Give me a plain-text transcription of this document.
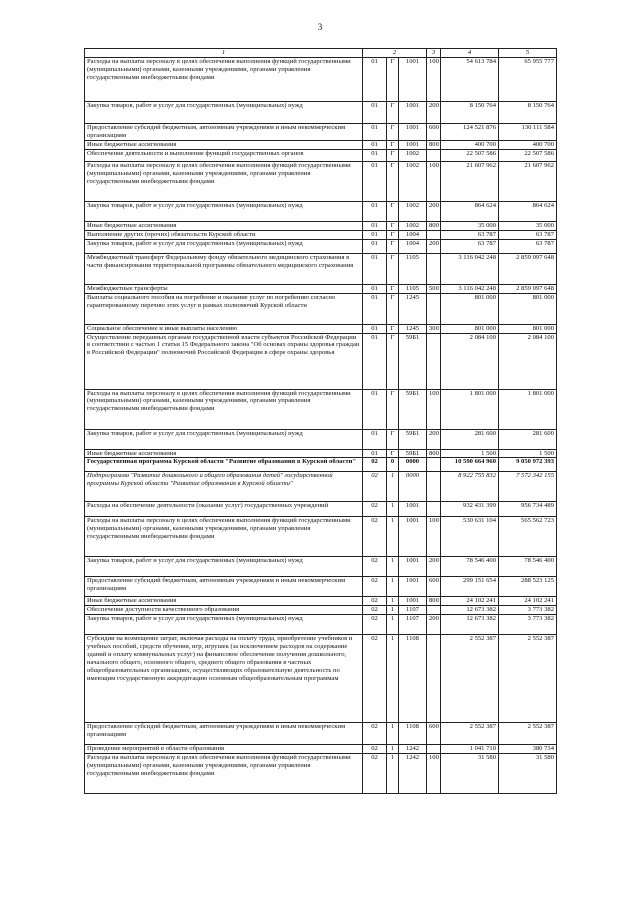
3
1	2			3	4	5
Расходы на выплаты персоналу в целях обеспечения выполнения функций государственными (муниципальными) органами, казенными учреждениями, органами управления государственными внебюджетными фондами	01	Г	1001	100	54 613 784	65 955 777
Закупка товаров, работ и услуг для государственных (муниципальных) нужд	01	Г	1001	200	8 150 764	8 150 764
Предоставление субсидий бюджетным, автономным учреждениям и иным некоммерческим организациям	01	Г	1001	600	124 521 876	130 111 584
Иные бюджетные ассигнования	01	Г	1001	800	400 700	400 700
Обеспечение деятельности и выполнение функций государственных органов	01	Г	1002		22 507 586	22 507 586
Расходы на выплаты персоналу в целях обеспечения выполнения функций государственными (муниципальными) органами, казенными учреждениями, органами управления государственными внебюджетными фондами	01	Г	1002	100	21 607 962	21 607 962
Закупка товаров, работ и услуг для государственных (муниципальных) нужд	01	Г	1002	200	864 624	864 624
Иные бюджетные ассигнования	01	Г	1002	800	35 000	35 000
Выполнение других (прочих) обязательств Курской области	01	Г	1004		63 787	63 787
Закупка товаров, работ и услуг для государственных (муниципальных) нужд	01	Г	1004	200	63 787	63 787
Межбюджетный трансферт Федеральному фонду обязательного медицинского страхования в части финансирования территориальной программы обязательного медицинского страхования	01	Г	1105		3 116 042 248	2 859 097 648
Межбюджетные трансферты	01	Г	1105	500	3 116 042 248	2 859 097 648
Выплаты социального пособия на погребение и оказание услуг по погребению согласно гарантированному перечню этих услуг в рамках полномочий Курской области	01	Г	1245		801 000	801 000
Социальное обеспечение и иные выплаты населению	01	Г	1245	300	801 000	801 000
Осуществление переданных органам государственной власти субъектов Российской Федерации в соответствии с частью 1 статьи 15 Федерального закона "Об основах охраны здоровья граждан в Российской Федерации" полномочий Российской Федерации в сфере охраны здоровья	01	Г	59Б1		2 084 100	2 084 100
Расходы на выплаты персоналу в целях обеспечения выполнения функций государственными (муниципальными) органами, казенными учреждениями, органами управления государственными внебюджетными фондами	01	Г	59Б1	100	1 801 000	1 801 000
Закупка товаров, работ и услуг для государственных (муниципальных) нужд	01	Г	59Б1	200	281 600	281 600
Иные бюджетные ассигнования	01	Г	59Б1	800	1 500	1 500
Государственная программа Курской области "Развитие образования в Курской области"	02	0	0000		10 590 664 960	9 050 972 393
Подпрограмма "Развитие дошкольного и общего образования детей" государственной программы Курской области "Развитие образования в Курской области"	02	1	0000		8 922 755 832	7 572 342 155
Расходы на обеспечение деятельности (оказание услуг) государственных учреждений	02	1	1001		932 431 399	956 734 489
Расходы на выплаты персоналу в целях обеспечения выполнения функций государственными (муниципальными) органами, казенными учреждениями, органами управления государственными внебюджетными фондами	02	1	1001	100	530 631 104	565 562 723
Закупка товаров, работ и услуг для государственных (муниципальных) нужд	02	1	1001	200	78 546 400	78 546 400
Предоставление субсидий бюджетным, автономным учреждениям и иным некоммерческим организациям	02	1	1001	600	299 151 654	288 523 125
Иные бюджетные ассигнования	02	1	1001	800	24 102 241	24 102 241
Обеспечение доступности качественного образования	02	1	1107		12 673 382	3 773 382
Закупка товаров, работ и услуг для государственных (муниципальных) нужд	02	1	1107	200	12 673 382	3 773 382
Субсидии на возмещение затрат, включая расходы на оплату труда, приобретение учебников и учебных пособий, средств обучения, игр, игрушек (за исключением расходов на содержание зданий и оплату коммунальных услуг) на финансовое обеспечение получения дошкольного, начального общего, основного общего, среднего общего образования в частных общеобразовательных организациях, осуществляющих образовательную деятельность по имеющим государственную аккредитацию основным общеобразовательным программам	02	1	1108		2 552 387	2 552 387
Предоставление субсидий бюджетным, автономным учреждениям и иным некоммерческим организациям	02	1	1108	600	2 552 387	2 552 387
Проведение мероприятий в области образования	02	1	1242		1 041 710	380 734
Расходы на выплаты персоналу в целях обеспечения выполнения функций государственными (муниципальными) органами, казенными учреждениями, органами управления государственными внебюджетными фондами	02	1	1242	100	31 580	31 580
